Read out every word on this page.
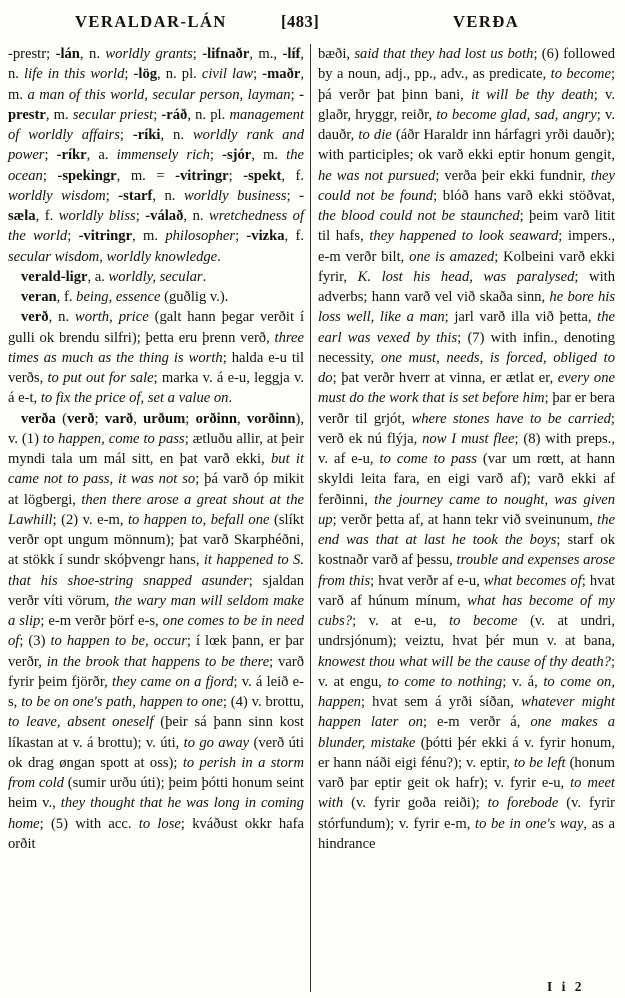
VERALDAR-LÁN	[483]	VERÐA

-prestr; -lán, n. worldly grants; -lifnaðr, m., -líf, n. life in this world; -lög, n. pl. civil law; -maðr, m. a man of this world, secular person, layman; -prestr, m. secular priest; -ráð, n. pl. management of worldly affairs; -ríki, n. worldly rank and power; -ríkr, a. immensely rich; -sjór, m. the ocean; -spekingr, m. = -vitringr; -spekt, f. worldly wisdom; -starf, n. worldly business; -sæla, f. worldly bliss; -válað, n. wretchedness of the world; -vitringr, m. philosopher; -vizka, f. secular wisdom, worldly knowledge.

verald-ligr, a. worldly, secular.

veran, f. being, essence (guðlig v.).

verð, n. worth, price (galt hann þegar verðit í gulli ok brendu silfri); þetta eru þrenn verð, three times as much as the thing is worth; halda e-u til verðs, to put out for sale; marka v. á e-u, leggja v. á e-t, to fix the price of, set a value on.

verða (verð; varð, urðum; orðinn, vorðinn), v. (1) to happen, come to pass; ætluðu allir, at þeir myndi tala um mál sitt, en þat varð ekki, but it came not to pass, it was not so; þá varð óp mikit at lögbergi, then there arose a great shout at the Lawhill; (2) v. e-m, to happen to, befall one (slíkt verðr opt ungum mönnum); þat varð Skarphéðni, at stökk í sundr skóþvengr hans, it happened to S. that his shoe-string snapped asunder; sjaldan verðr víti vörum, the wary man will seldom make a slip; e-m verðr þörf e-s, one comes to be in need of; (3) to happen to be, occur; í lœk þann, er þar verðr, in the brook that happens to be there; varð fyrir þeim fjörðr, they came on a fjord; v. á leið e-s, to be on one's path, happen to one; (4) v. brottu, to leave, absent oneself (þeir sá þann sinn kost líkastan at v. á brottu); v. úti, to go away (verð úti ok drag øngan spott at oss); to perish in a storm from cold (sumir urðu úti); þeim þótti honum seint heim v., they thought that he was long in coming home; (5) with acc. to lose; kváðust okkr hafa orðit

bæði, said that they had lost us both; (6) followed by a noun, adj., pp., adv., as predicate, to become; þá verðr þat þinn bani, it will be thy death; v. glaðr, hryggr, reiðr, to become glad, sad, angry; v. dauðr, to die (áðr Haraldr inn hárfagri yrði dauðr); with participles; ok varð ekki eptir honum gengit, he was not pursued; verða þeir ekki fundnir, they could not be found; blóð hans varð ekki stöðvat, the blood could not be staunched; þeim varð litit til hafs, they happened to look seaward; impers., e-m verðr bilt, one is amazed; Kolbeini varð ekki fyrir, K. lost his head, was paralysed; with adverbs; hann varð vel við skaða sinn, he bore his loss well, like a man; jarl varð illa við þetta, the earl was vexed by this; (7) with infin., denoting necessity, one must, needs, is forced, obliged to do; þat verðr hverr at vinna, er ætlat er, every one must do the work that is set before him; þar er bera verðr til grjót, where stones have to be carried; verð ek nú flýja, now I must flee; (8) with preps., v. af e-u, to come to pass (var um rœtt, at hann skyldi leita fara, en eigi varð af); varð ekki af ferðinni, the journey came to nought, was given up; verðr þetta af, at hann tekr við sveinunum, the end was that at last he took the boys; starf ok kostnaðr varð af þessu, trouble and expenses arose from this; hvat verðr af e-u, what becomes of; hvat varð af húnum mínum, what has become of my cubs?; v. at e-u, to become (v. at undri, undrsjónum); veiztu, hvat þér mun v. at bana, knowest thou what will be the cause of thy death?; v. at engu, to come to nothing; v. á, to come on, happen; hvat sem á yrði síðan, whatever might happen later on; e-m verðr á, one makes a blunder, mistake (þótti þér ekki á v. fyrir honum, er hann náði eigi fénu?); v. eptir, to be left (honum varð þar eptir geit ok hafr); v. fyrir e-u, to meet with (v. fyrir goða reiði); to forebode (v. fyrir stórfundum); v. fyrir e-m, to be in one's way, as a hindrance

I i 2
